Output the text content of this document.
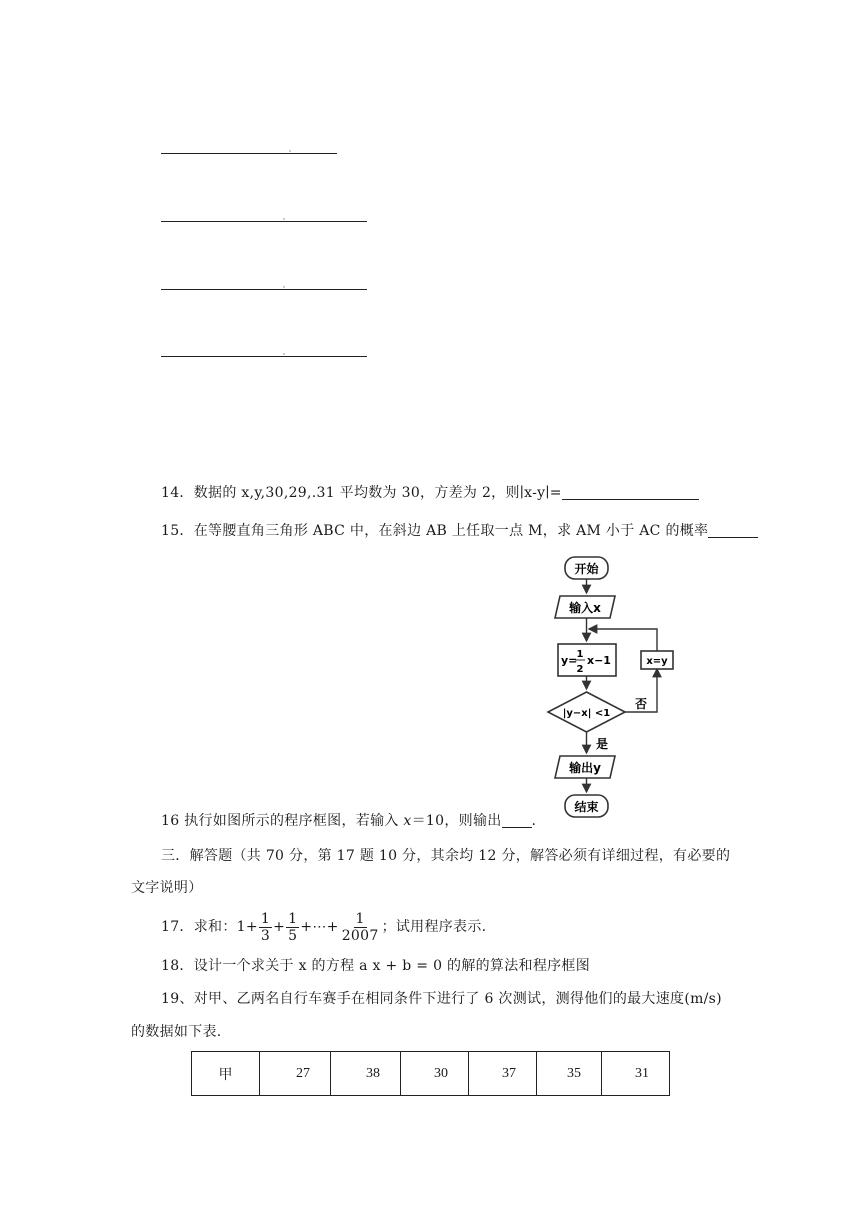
14．数据的 x,y,30,29,.31 平均数为 30，方差为 2，则∣x-y∣=
15．在等腰直角三角形 ABC 中，在斜边 AB 上任取一点 M，求 AM 小于 AC 的概率
开始
输入x
y= 1
2
x−1
|y−x| <1
否
x=y
是
输出y
结束
16 执行如图所示的程序框图，若输入 x＝10，则输出 .
三．解答题（共 70 分，第 17 题 10 分，其余均 12 分，解答必须有详细过程，有必要的
文字说明）
17．求和：$1+ \frac{1}{3} + \frac{1}{5}$ +⋯+ $\frac{1}{2007}$ ；试用程序表示.
18．设计一个求关于 x 的方程 a x + b = 0 的解的算法和程序框图
19、对甲、乙两名自行车赛手在相同条件下进行了 6 次测试，测得他们的最大速度(m/s)
的数据如下表.
甲	27	38	30	37	35	31
